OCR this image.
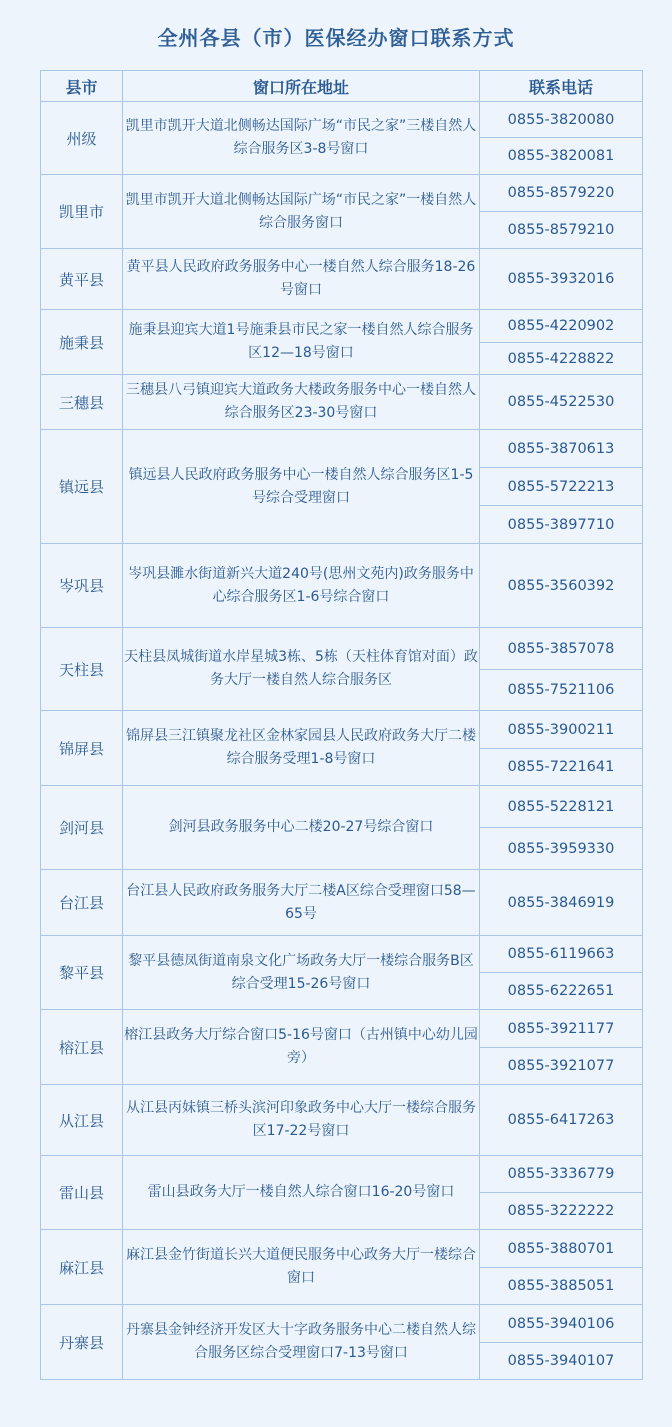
全州各县（市）医保经办窗口联系方式
县市	窗口所在地址	联系电话
州级	凯里市凯开大道北侧畅达国际广场“市民之家”三楼自然人综合服务区3-8号窗口	0855-3820080
		0855-3820081
凯里市	凯里市凯开大道北侧畅达国际广场“市民之家”一楼自然人综合服务窗口	0855-8579220
		0855-8579210
黄平县	黄平县人民政府政务服务中心一楼自然人综合服务18-26号窗口	0855-3932016
施秉县	施秉县迎宾大道1号施秉县市民之家一楼自然人综合服务区12—18号窗口	0855-4220902
		0855-4228822
三穗县	三穗县八弓镇迎宾大道政务大楼政务服务中心一楼自然人综合服务区23-30号窗口	0855-4522530
镇远县	镇远县人民政府政务服务中心一楼自然人综合服务区1-5号综合受理窗口	0855-3870613
		0855-5722213
		0855-3897710
岑巩县	岑巩县濉水街道新兴大道240号(思州文苑内)政务服务中心综合服务区1-6号综合窗口	0855-3560392
天柱县	天柱县凤城街道水岸星城3栋、5栋（天柱体育馆对面）政务大厅一楼自然人综合服务区	0855-3857078
		0855-7521106
锦屏县	锦屏县三江镇聚龙社区金林家园县人民政府政务大厅二楼综合服务受理1-8号窗口	0855-3900211
		0855-7221641
剑河县	剑河县政务服务中心二楼20-27号综合窗口	0855-5228121
		0855-3959330
台江县	台江县人民政府政务服务大厅二楼A区综合受理窗口58—65号	0855-3846919
黎平县	黎平县德凤街道南泉文化广场政务大厅一楼综合服务B区综合受理15-26号窗口	0855-6119663
		0855-6222651
榕江县	榕江县政务大厅综合窗口5-16号窗口（古州镇中心幼儿园旁）	0855-3921177
		0855-3921077
从江县	从江县丙妹镇三桥头滨河印象政务中心大厅一楼综合服务区17-22号窗口	0855-6417263
雷山县	雷山县政务大厅一楼自然人综合窗口16-20号窗口	0855-3336779
		0855-3222222
麻江县	麻江县金竹街道长兴大道便民服务中心政务大厅一楼综合窗口	0855-3880701
		0855-3885051
丹寨县	丹寨县金钟经济开发区大十字政务服务中心二楼自然人综合服务区综合受理窗口7-13号窗口	0855-3940106
		0855-3940107
